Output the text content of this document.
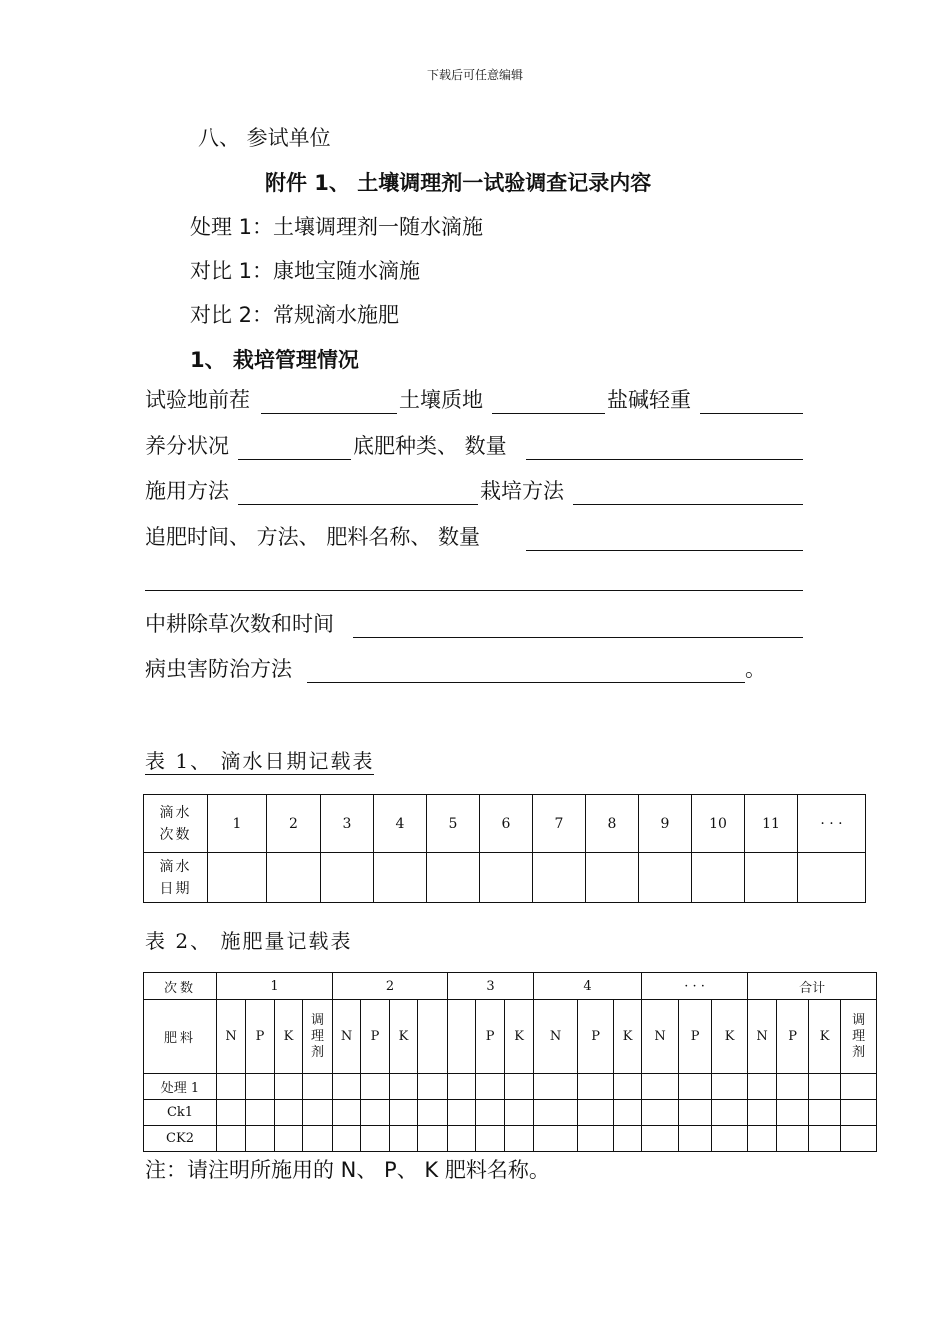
下载后可任意编辑
八、 参试单位
附件 1、 土壤调理剂一试验调查记录内容
处理 1：土壤调理剂一随水滴施
对比 1：康地宝随水滴施
对比 2：常规滴水施肥
1、 栽培管理情况
试验地前茬	土壤质地	盐碱轻重
养分状况	底肥种类、 数量
施用方法	栽培方法
追肥时间、 方法、 肥料名称、 数量
中耕除草次数和时间
病虫害防治方法	。
表 1、 滴水日期记载表
滴水
次数	1	2	3	4	5	6	7	8	9	10	11	· · ·
滴水
日期												
表 2、 施肥量记载表
次数	1				2				3			4			· · ·			合计			
肥料	N	P	K	调
理
剂	N	P	K			P	K	N	P	K	N	P	K	N	P	K	调
理
剂
处理 1																					
Ck1																					
CK2																					
注：请注明所施用的 N、 P、 K 肥料名称。
